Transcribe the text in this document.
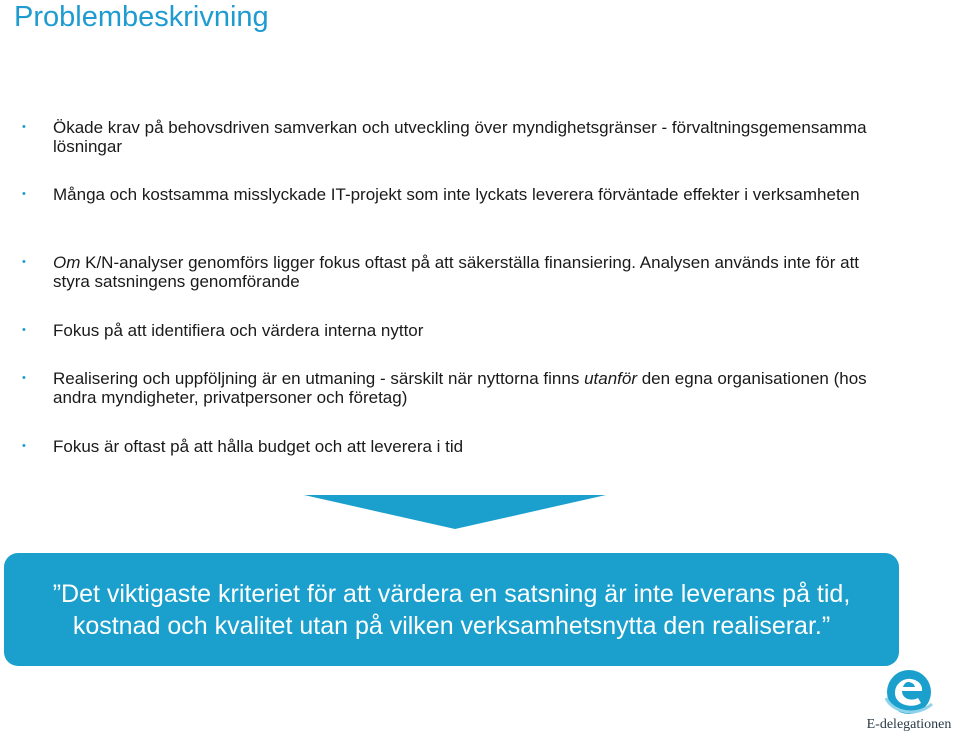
Problembeskrivning
• Ökade krav på behovsdriven samverkan och utveckling över myndighetsgränser - förvaltningsgemensamma lösningar
• Många och kostsamma misslyckade IT-projekt som inte lyckats leverera förväntade effekter i verksamheten
• Om K/N-analyser genomförs ligger fokus oftast på att säkerställa finansiering. Analysen används inte för att styra satsningens genomförande
• Fokus på att identifiera och värdera interna nyttor
• Realisering och uppföljning är en utmaning - särskilt när nyttorna finns utanför den egna organisationen (hos andra myndigheter, privatpersoner och företag)
• Fokus är oftast på att hålla budget och att leverera i tid
”Det viktigaste kriteriet för att värdera en satsning är inte leverans på tid, kostnad och kvalitet utan på vilken verksamhetsnytta den realiserar.”
E-delegationen
